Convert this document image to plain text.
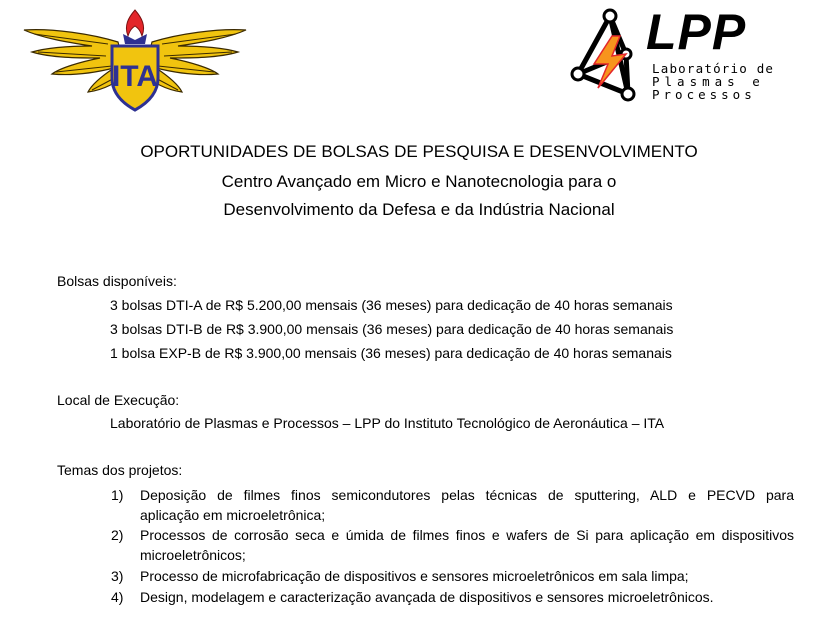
ITA
LPP
Laboratório de
Plasmas e
Processos
OPORTUNIDADES DE BOLSAS DE PESQUISA E DESENVOLVIMENTO
Centro Avançado em Micro e Nanotecnologia para o
Desenvolvimento da Defesa e da Indústria Nacional
Bolsas disponíveis:
3 bolsas DTI-A de R$ 5.200,00 mensais (36 meses) para dedicação de 40 horas semanais
3 bolsas DTI-B de R$ 3.900,00 mensais (36 meses) para dedicação de 40 horas semanais
1 bolsa EXP-B de R$ 3.900,00 mensais (36 meses) para dedicação de 40 horas semanais
Local de Execução:
Laboratório de Plasmas e Processos – LPP do Instituto Tecnológico de Aeronáutica – ITA
Temas dos projetos:
1) Deposição de filmes finos semicondutores pelas técnicas de sputtering, ALD e PECVD para
aplicação em microeletrônica;
2) Processos de corrosão seca e úmida de filmes finos e wafers de Si para aplicação em dispositivos
microeletrônicos;
3) Processo de microfabricação de dispositivos e sensores microeletrônicos em sala limpa;
4) Design, modelagem e caracterização avançada de dispositivos e sensores microeletrônicos.
